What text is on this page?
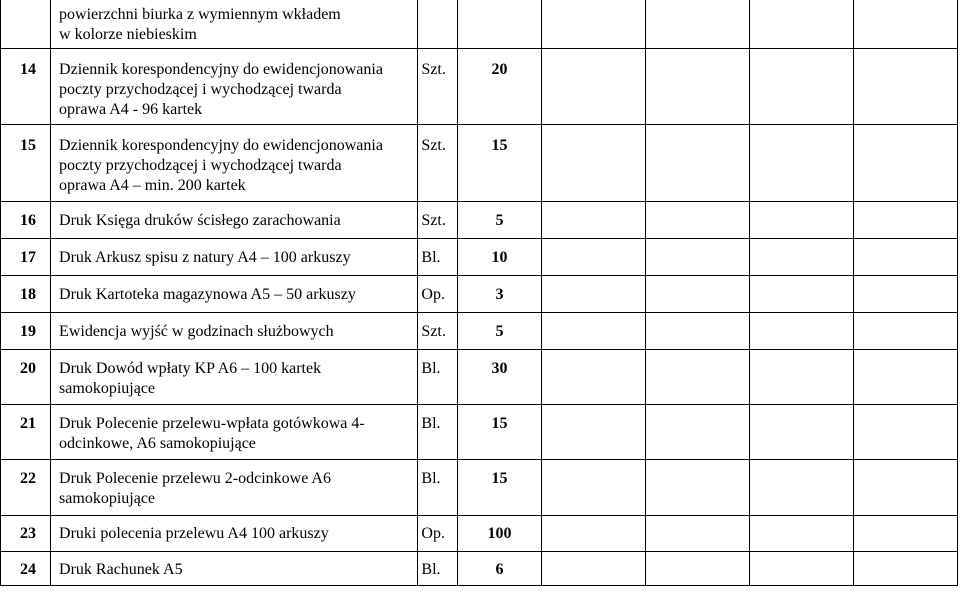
	powierzchni biurka z wymiennym wkładem
w kolorze niebieskim						
14	Dziennik korespondencyjny do ewidencjonowania
poczty przychodzącej i wychodzącej twarda
oprawa A4 - 96 kartek	Szt.	20				
15	Dziennik korespondencyjny do ewidencjonowania
poczty przychodzącej i wychodzącej twarda
oprawa A4 – min. 200 kartek	Szt.	15				
16	Druk Księga druków ścisłego zarachowania	Szt.	5				
17	Druk Arkusz spisu z natury A4 – 100 arkuszy	Bl.	10				
18	Druk Kartoteka magazynowa A5 – 50 arkuszy	Op.	3				
19	Ewidencja wyjść w godzinach służbowych	Szt.	5				
20	Druk Dowód wpłaty KP A6 – 100 kartek
samokopiujące	Bl.	30				
21	Druk Polecenie przelewu-wpłata gotówkowa 4-
odcinkowe, A6 samokopiujące	Bl.	15				
22	Druk Polecenie przelewu 2-odcinkowe A6
samokopiujące	Bl.	15				
23	Druki polecenia przelewu A4 100 arkuszy	Op.	100				
24	Druk Rachunek A5	Bl.	6				
